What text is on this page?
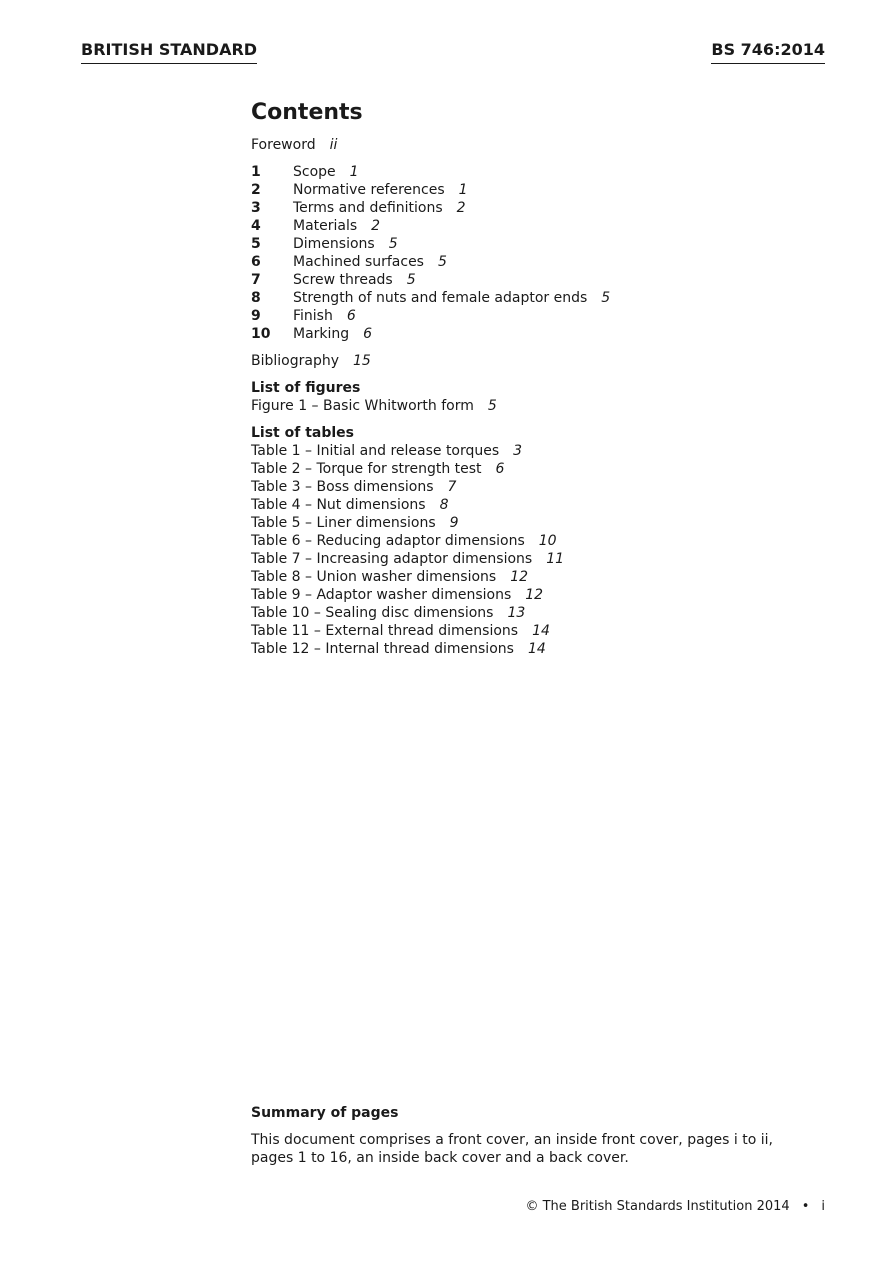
BRITISH STANDARD	BS 746:2014
Contents
Foreword ii
1	Scope 1
2	Normative references 1
3	Terms and definitions 2
4	Materials 2
5	Dimensions 5
6	Machined surfaces 5
7	Screw threads 5
8	Strength of nuts and female adaptor ends 5
9	Finish 6
10	Marking 6
Bibliography 15
List of figures
Figure 1 – Basic Whitworth form 5
List of tables
Table 1 – Initial and release torques 3
Table 2 – Torque for strength test 6
Table 3 – Boss dimensions 7
Table 4 – Nut dimensions 8
Table 5 – Liner dimensions 9
Table 6 – Reducing adaptor dimensions 10
Table 7 – Increasing adaptor dimensions 11
Table 8 – Union washer dimensions 12
Table 9 – Adaptor washer dimensions 12
Table 10 – Sealing disc dimensions 13
Table 11 – External thread dimensions 14
Table 12 – Internal thread dimensions 14
Summary of pages
This document comprises a front cover, an inside front cover, pages i to ii, pages 1 to 16, an inside back cover and a back cover.
© The British Standards Institution 2014 • i
